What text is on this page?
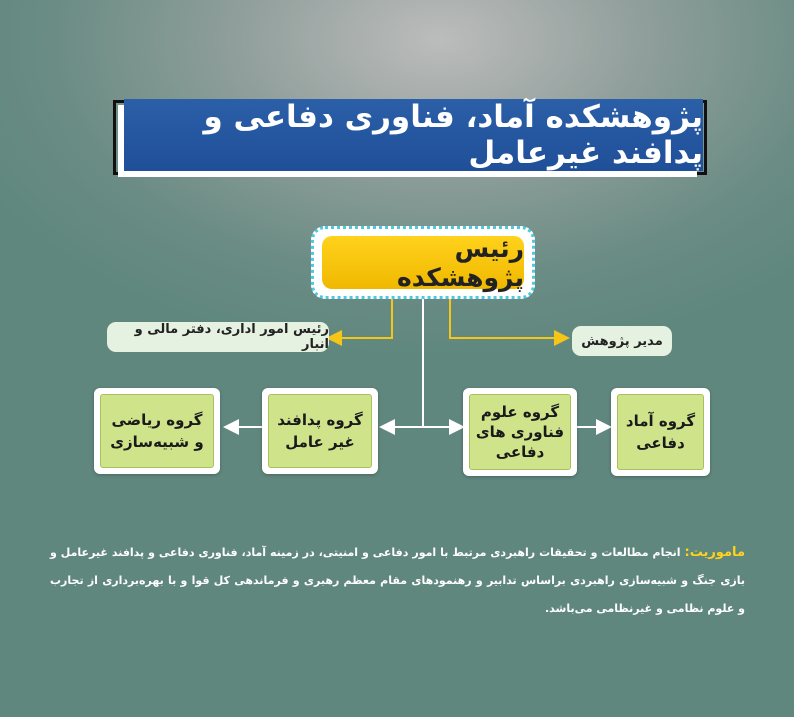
پژوهشکده آماد، فناوری دفاعی و پدافند غیرعامل
رئیس پژوهشکده
رئیس امور اداری، دفتر مالی و انبار	مدیر پژوهش
گروه ریاضی
و شبیه‌سازی
گروه پدافند
غیر عامل
گروه علوم
فناوری های
دفاعی
گروه آماد
دفاعی
ماموریت: انجام مطالعات و تحقیقات راهبردی مرتبط با امور دفاعی و امنیتی، در زمینه آماد، فناوری دفاعی و پدافند غیرعامل و بازی جنگ و شبیه‌سازی راهبردی براساس تدابیر و رهنمودهای مقام معظم رهبری و فرماندهی کل قوا و با بهره‌برداری از تجارب و علوم نظامی و غیرنظامی می‌باشد.
